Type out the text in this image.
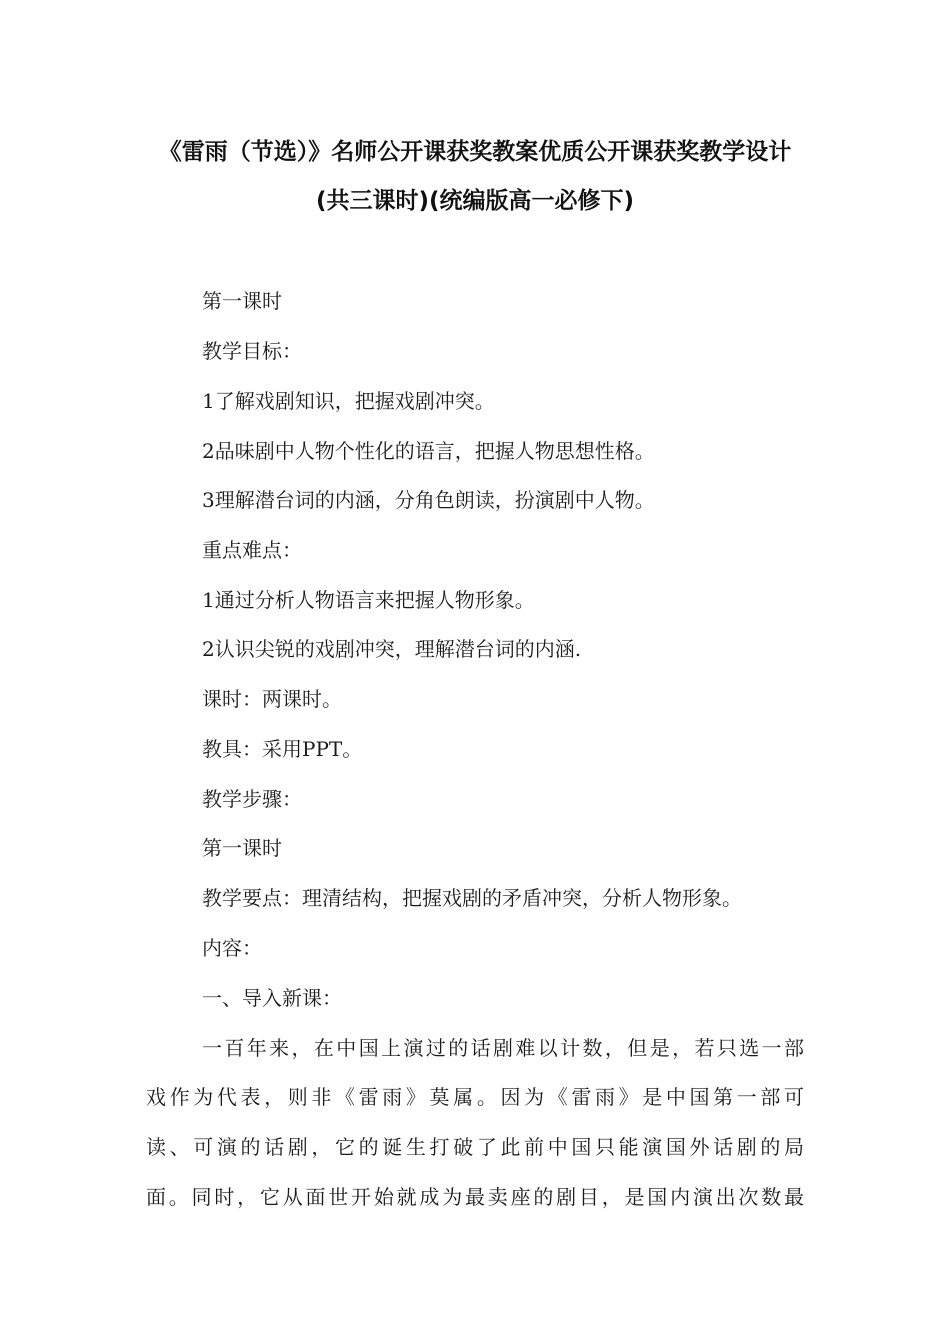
《雷雨（节选）》名师公开课获奖教案优质公开课获奖教学设计
(共三课时)(统编版高一必修下)
第一课时
教学目标：
1了解戏剧知识，把握戏剧冲突。
2品味剧中人物个性化的语言，把握人物思想性格。
3理解潜台词的内涵，分角色朗读，扮演剧中人物。
重点难点：
1通过分析人物语言来把握人物形象。
2认识尖锐的戏剧冲突，理解潜台词的内涵.
课时：两课时。
教具：采用PPT。
教学步骤：
第一课时
教学要点：理清结构，把握戏剧的矛盾冲突，分析人物形象。
内容：
一、导入新课：
一百年来，在中国上演过的话剧难以计数，但是，若只选一部
戏作为代表，则非《雷雨》莫属。因为《雷雨》是中国第一部可
读、可演的话剧，它的诞生打破了此前中国只能演国外话剧的局
面。同时，它从面世开始就成为最卖座的剧目，是国内演出次数最
